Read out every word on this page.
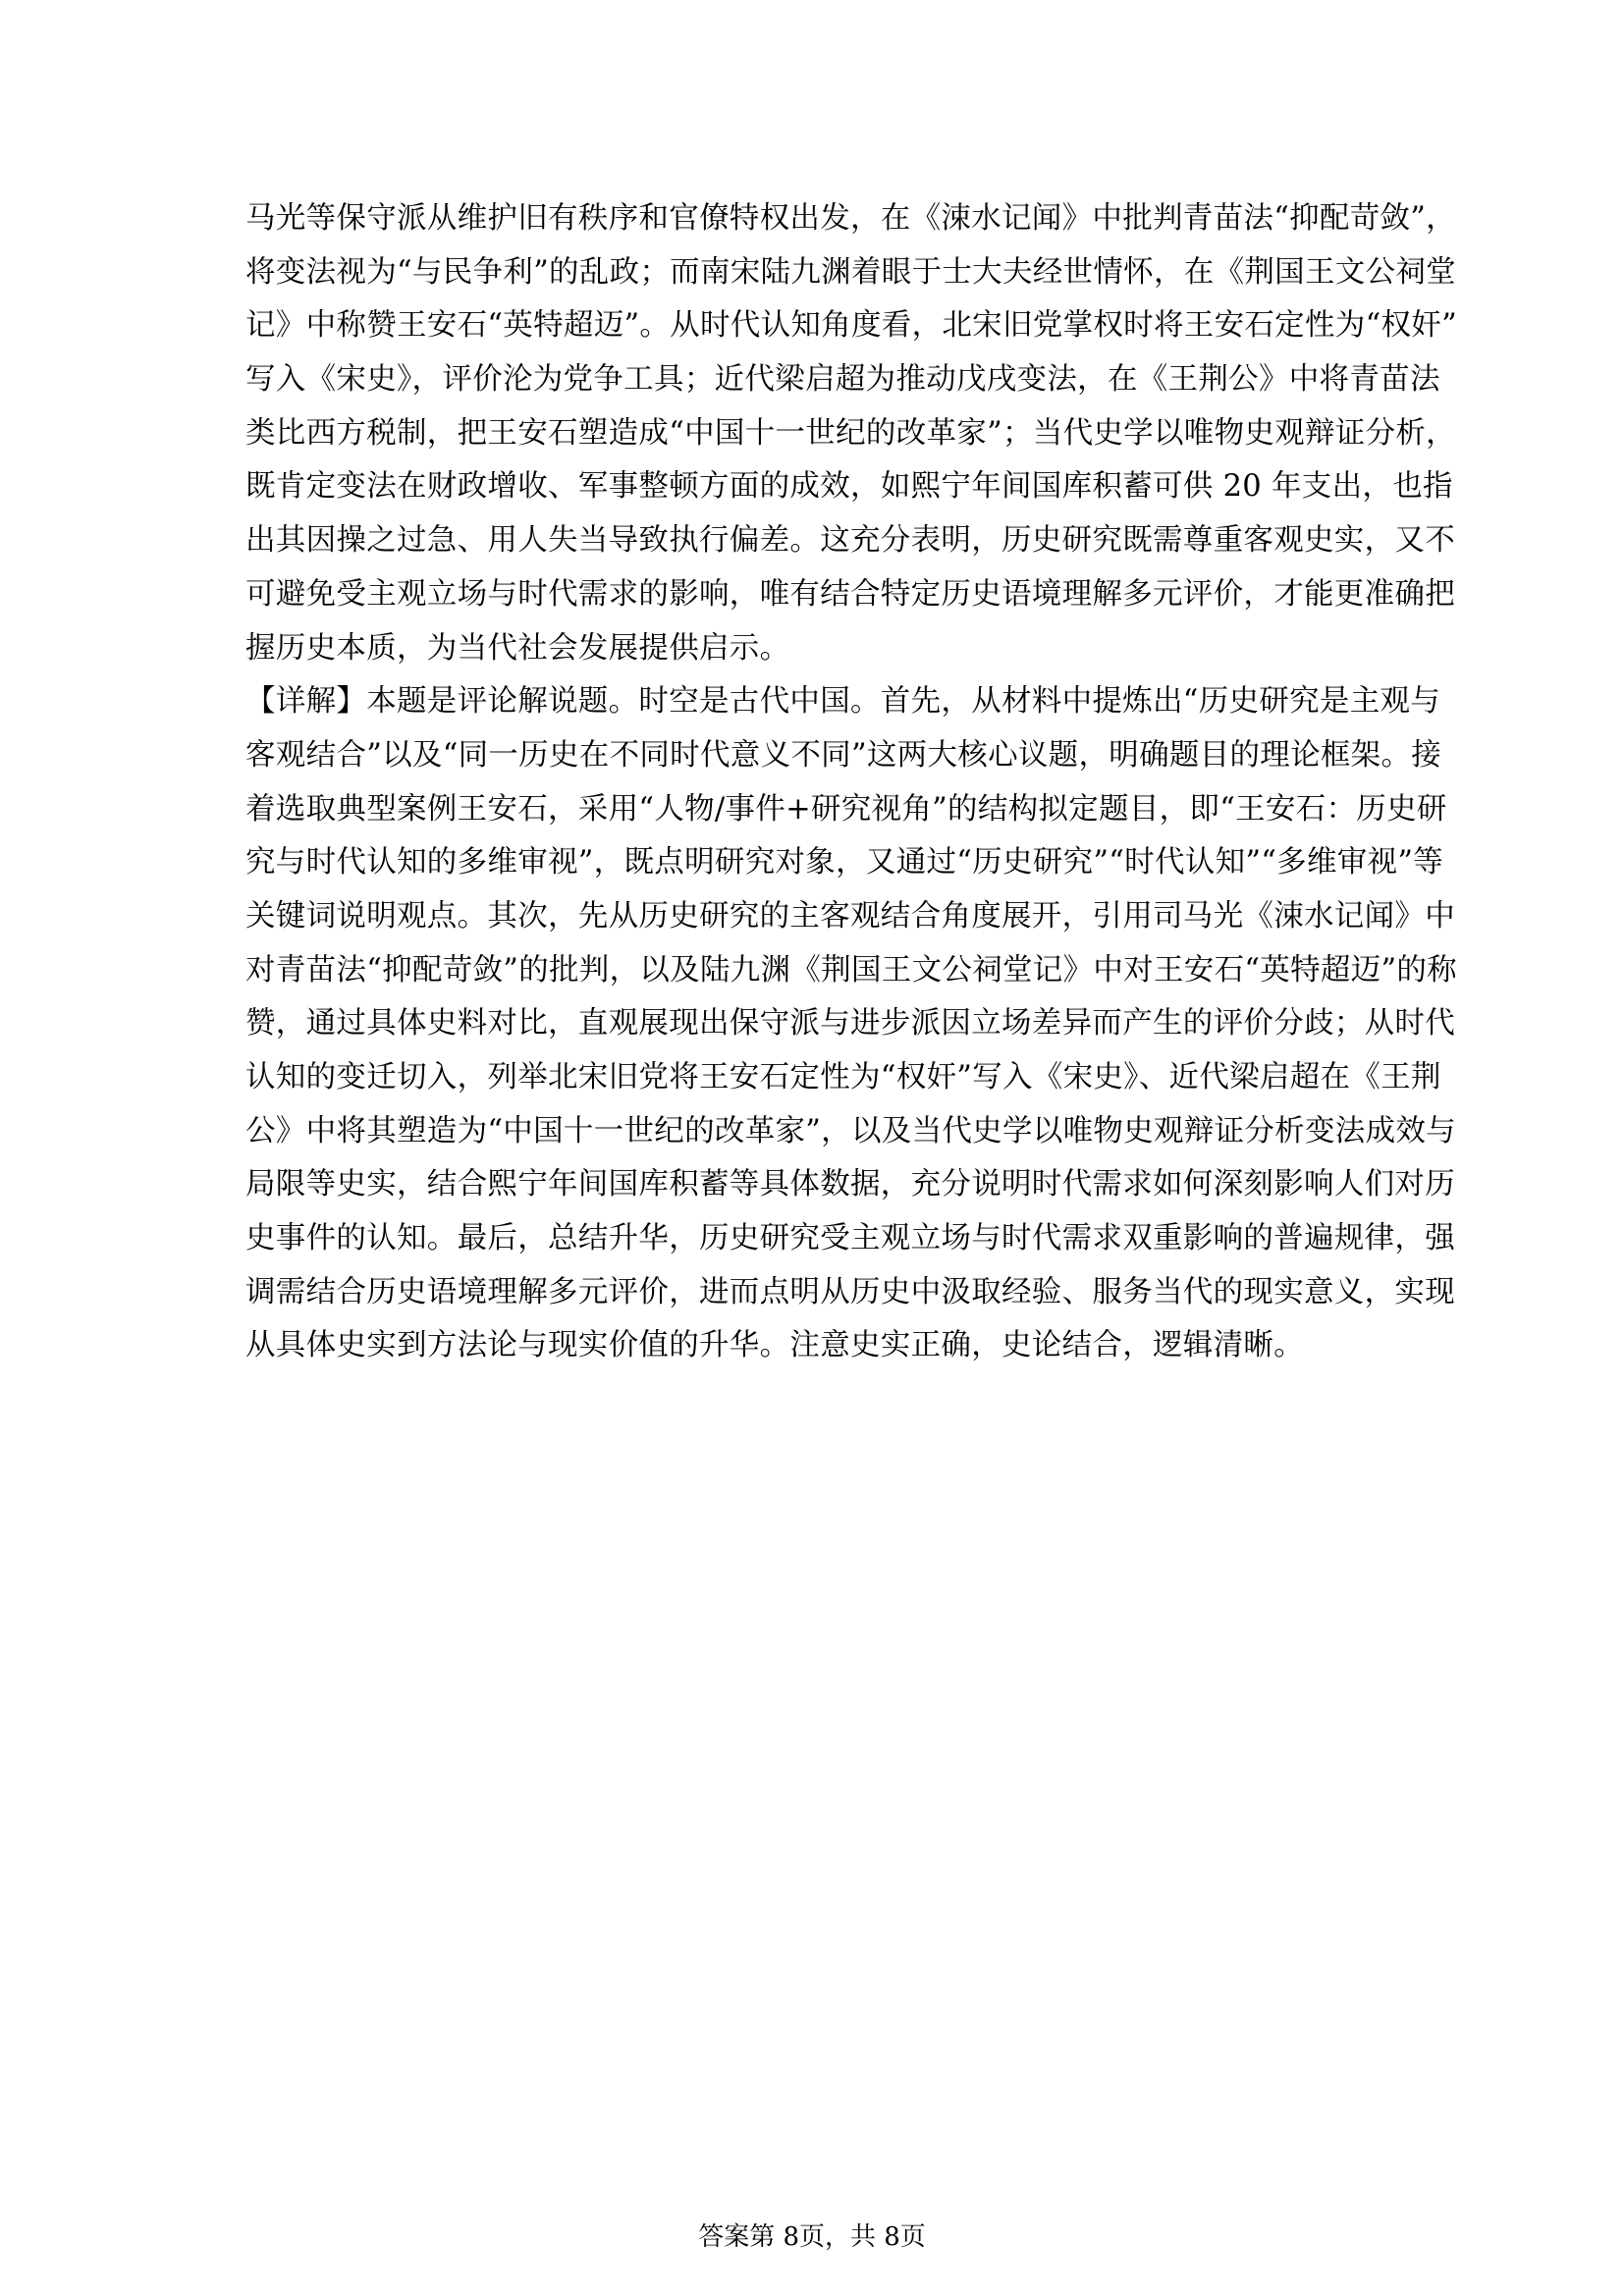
马光等保守派从维护旧有秩序和官僚特权出发，在《涑水记闻》中批判青苗法“抑配苛敛”，
将变法视为“与民争利”的乱政；而南宋陆九渊着眼于士大夫经世情怀，在《荆国王文公祠堂
记》中称赞王安石“英特超迈”。从时代认知角度看，北宋旧党掌权时将王安石定性为“权奸”
写入《宋史》，评价沦为党争工具；近代梁启超为推动戊戌变法，在《王荆公》中将青苗法
类比西方税制，把王安石塑造成“中国十一世纪的改革家”；当代史学以唯物史观辩证分析，
既肯定变法在财政增收、军事整顿方面的成效，如熙宁年间国库积蓄可供 20 年支出，也指
出其因操之过急、用人失当导致执行偏差。这充分表明，历史研究既需尊重客观史实，又不
可避免受主观立场与时代需求的影响，唯有结合特定历史语境理解多元评价，才能更准确把
握历史本质，为当代社会发展提供启示。
【详解】本题是评论解说题。时空是古代中国。首先，从材料中提炼出“历史研究是主观与
客观结合”以及“同一历史在不同时代意义不同”这两大核心议题，明确题目的理论框架。接
着选取典型案例王安石，采用“人物/事件+研究视角”的结构拟定题目，即“王安石：历史研
究与时代认知的多维审视”，既点明研究对象，又通过“历史研究”“时代认知”“多维审视”等
关键词说明观点。其次，先从历史研究的主客观结合角度展开，引用司马光《涑水记闻》中
对青苗法“抑配苛敛”的批判，以及陆九渊《荆国王文公祠堂记》中对王安石“英特超迈”的称
赞，通过具体史料对比，直观展现出保守派与进步派因立场差异而产生的评价分歧；从时代
认知的变迁切入，列举北宋旧党将王安石定性为“权奸”写入《宋史》、近代梁启超在《王荆
公》中将其塑造为“中国十一世纪的改革家”，以及当代史学以唯物史观辩证分析变法成效与
局限等史实，结合熙宁年间国库积蓄等具体数据，充分说明时代需求如何深刻影响人们对历
史事件的认知。最后，总结升华，历史研究受主观立场与时代需求双重影响的普遍规律，强
调需结合历史语境理解多元评价，进而点明从历史中汲取经验、服务当代的现实意义，实现
从具体史实到方法论与现实价值的升华。注意史实正确，史论结合，逻辑清晰。
答案第 8页，共 8页
